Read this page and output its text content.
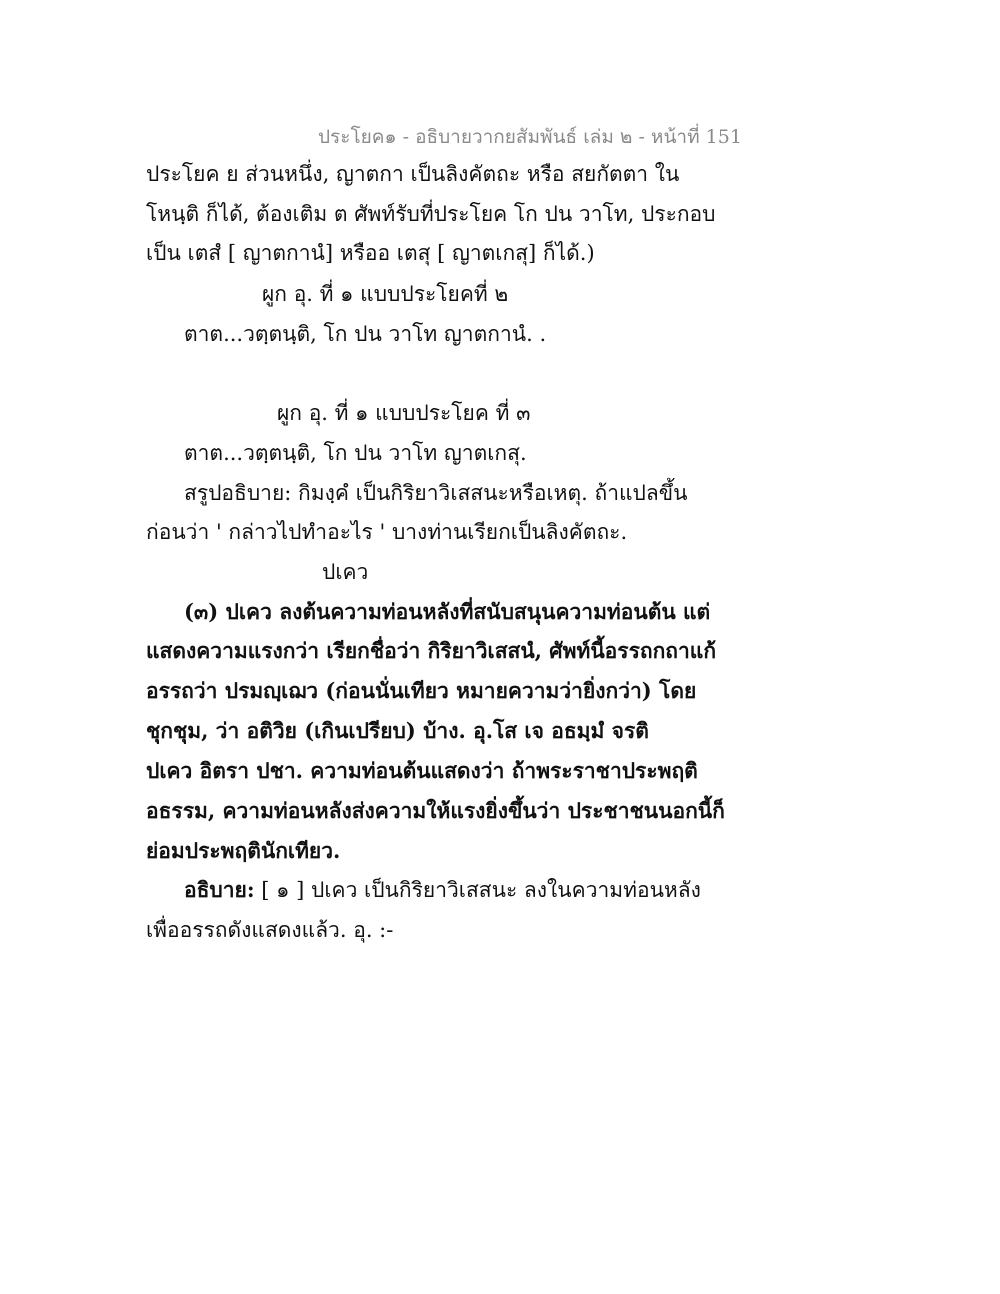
ประโยค๑ - อธิบายวากยสัมพันธ์ เล่ม ๒ - หน้าที่ 151
ประโยค ย ส่วนหนึ่ง, ญาตกา เป็นลิงคัตถะ หรือ สยกัตตา ใน
โหนฺติ ก็ได้, ต้องเติม ต ศัพท์รับที่ประโยค โก ปน วาโท, ประกอบ
เป็น เตสํ [ ญาตกานํ] หรืออ เตสุ [ ญาตเกสุ] ก็ได้.)
ผูก อุ. ที่ ๑ แบบประโยคที่ ๒
ตาต...วตฺตนฺติ, โก ปน วาโท ญาตกานํ. .
ผูก อุ. ที่ ๑ แบบประโยค ที่ ๓
ตาต...วตฺตนฺติ, โก ปน วาโท ญาตเกสุ.
สรูปอธิบาย: กิมงฺคํ เป็นกิริยาวิเสสนะหรือเหตุ. ถ้าแปลขึ้น
ก่อนว่า ' กล่าวไปทำอะไร ' บางท่านเรียกเป็นลิงคัตถะ.
ปเคว
(๓) ปเคว ลงต้นความท่อนหลังที่สนับสนุนความท่อนต้น แต่
แสดงความแรงกว่า เรียกชื่อว่า กิริยาวิเสสนํ, ศัพท์นี้อรรถกถาแก้
อรรถว่า ปรมญฺเฌว (ก่อนนั่นเทียว หมายความว่ายิ่งกว่า) โดย
ชุกชุม, ว่า อติวิย (เกินเปรียบ) บ้าง. อุ.โส เจ อธมฺมํ จรติ
ปเคว อิตรา ปชา. ความท่อนต้นแสดงว่า ถ้าพระราชาประพฤติ
อธรรม, ความท่อนหลังส่งความให้แรงยิ่งขึ้นว่า ประชาชนนอกนี้ก็
ย่อมประพฤตินักเทียว.
อธิบาย: [ ๑ ] ปเคว เป็นกิริยาวิเสสนะ ลงในความท่อนหลัง
เพื่ออรรถดังแสดงแล้ว. อุ. :-
